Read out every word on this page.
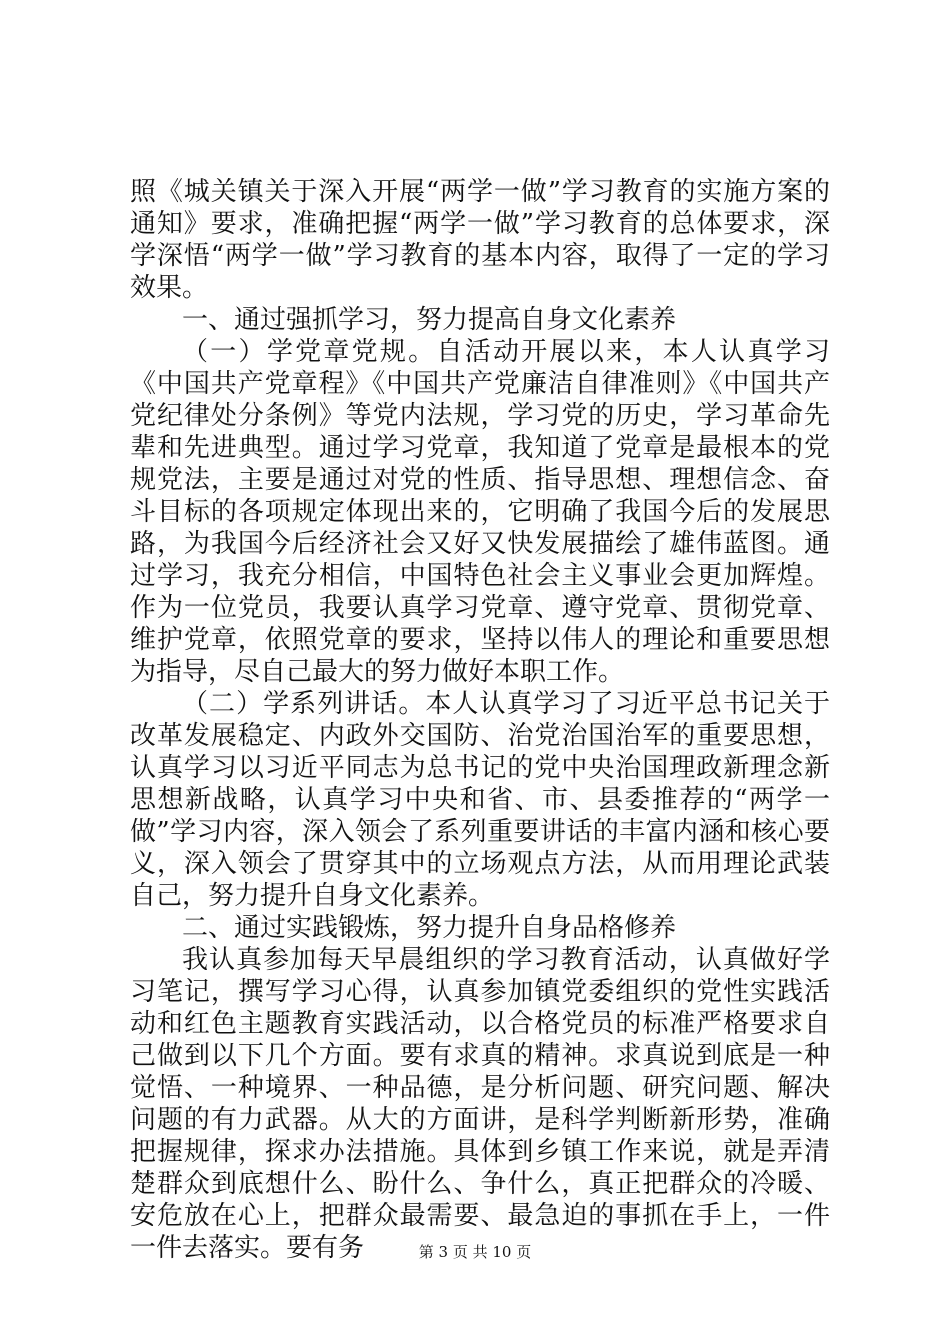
照《城关镇关于深入开展“两学一做”学习教育的实施方案的通知》要求，准确把握“两学一做”学习教育的总体要求，深学深悟“两学一做”学习教育的基本内容，取得了一定的学习效果。

一、通过强抓学习，努力提高自身文化素养

（一）学党章党规。自活动开展以来，本人认真学习《中国共产党章程》《中国共产党廉洁自律准则》《中国共产党纪律处分条例》等党内法规，学习党的历史，学习革命先辈和先进典型。通过学习党章，我知道了党章是最根本的党规党法，主要是通过对党的性质、指导思想、理想信念、奋斗目标的各项规定体现出来的，它明确了我国今后的发展思路，为我国今后经济社会又好又快发展描绘了雄伟蓝图。通过学习，我充分相信，中国特色社会主义事业会更加辉煌。作为一位党员，我要认真学习党章、遵守党章、贯彻党章、维护党章，依照党章的要求，坚持以伟人的理论和重要思想为指导，尽自己最大的努力做好本职工作。

（二）学系列讲话。本人认真学习了习近平总书记关于改革发展稳定、内政外交国防、治党治国治军的重要思想，认真学习以习近平同志为总书记的党中央治国理政新理念新思想新战略，认真学习中央和省、市、县委推荐的“两学一做”学习内容，深入领会了系列重要讲话的丰富内涵和核心要义，深入领会了贯穿其中的立场观点方法，从而用理论武装自己，努力提升自身文化素养。

二、通过实践锻炼，努力提升自身品格修养

我认真参加每天早晨组织的学习教育活动，认真做好学习笔记，撰写学习心得，认真参加镇党委组织的党性实践活动和红色主题教育实践活动，以合格党员的标准严格要求自己做到以下几个方面。要有求真的精神。求真说到底是一种觉悟、一种境界、一种品德，是分析问题、研究问题、解决问题的有力武器。从大的方面讲，是科学判断新形势，准确把握规律，探求办法措施。具体到乡镇工作来说，就是弄清楚群众到底想什么、盼什么、争什么，真正把群众的冷暖、安危放在心上，把群众最需要、最急迫的事抓在手上，一件一件去落实。要有务	第 3 页 共 10 页
